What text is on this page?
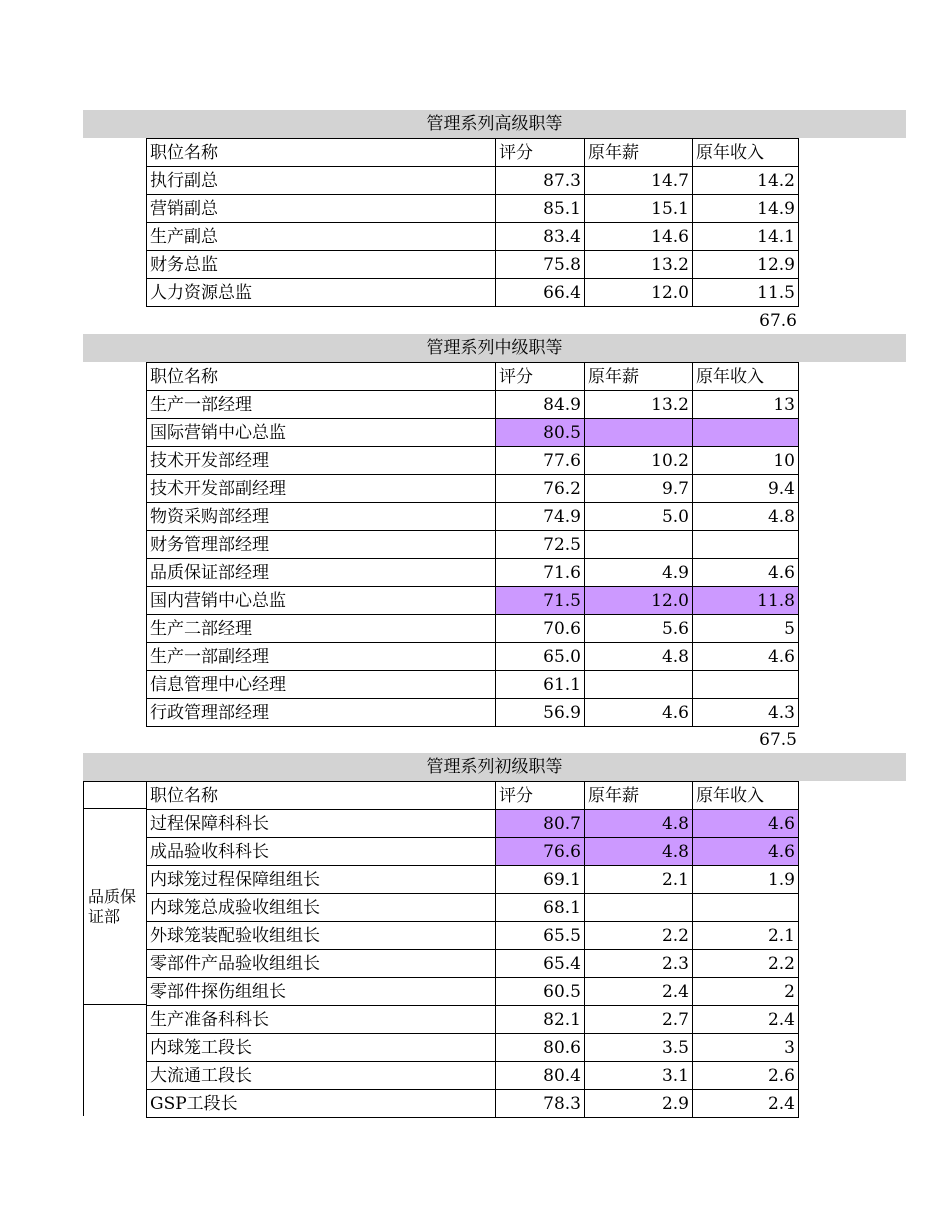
管理系列高级职等
职位名称	评分	原年薪	原年收入
执行副总	87.3	14.7	14.2
营销副总	85.1	15.1	14.9
生产副总	83.4	14.6	14.1
财务总监	75.8	13.2	12.9
人力资源总监	66.4	12.0	11.5
67.6
管理系列中级职等
职位名称	评分	原年薪	原年收入
生产一部经理	84.9	13.2	13
国际营销中心总监	80.5		
技术开发部经理	77.6	10.2	10
技术开发部副经理	76.2	9.7	9.4
物资采购部经理	74.9	5.0	4.8
财务管理部经理	72.5		
品质保证部经理	71.6	4.9	4.6
国内营销中心总监	71.5	12.0	11.8
生产二部经理	70.6	5.6	5
生产一部副经理	65.0	4.8	4.6
信息管理中心经理	61.1		
行政管理部经理	56.9	4.6	4.3
67.5
管理系列初级职等
品质保证部
职位名称	评分	原年薪	原年收入
过程保障科科长	80.7	4.8	4.6
成品验收科科长	76.6	4.8	4.6
内球笼过程保障组组长	69.1	2.1	1.9
内球笼总成验收组组长	68.1		
外球笼装配验收组组长	65.5	2.2	2.1
零部件产品验收组组长	65.4	2.3	2.2
零部件探伤组组长	60.5	2.4	2
生产准备科科长	82.1	2.7	2.4
内球笼工段长	80.6	3.5	3
大流通工段长	80.4	3.1	2.6
GSP工段长	78.3	2.9	2.4
